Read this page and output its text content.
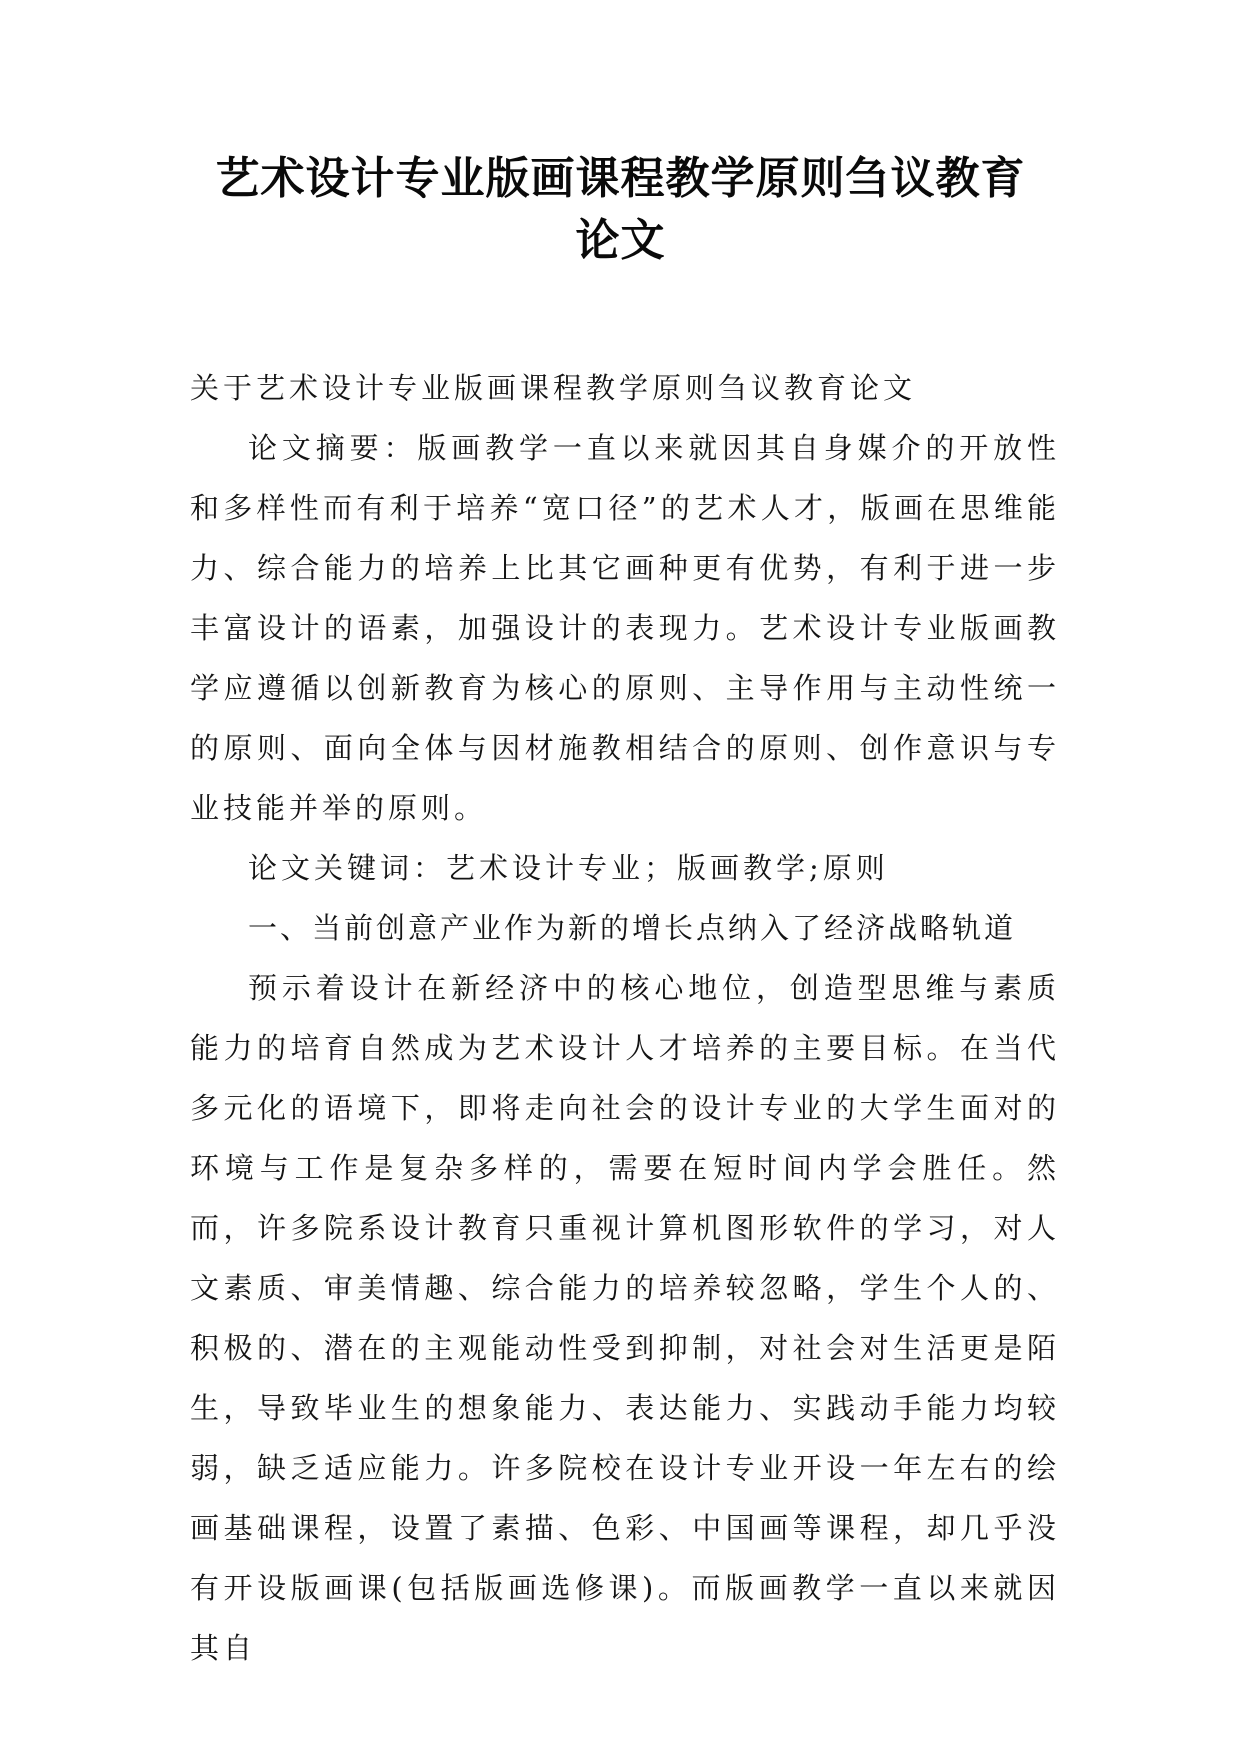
艺术设计专业版画课程教学原则刍议教育
论文

关于艺术设计专业版画课程教学原则刍议教育论文

论文摘要：版画教学一直以来就因其自身媒介的开放性和多样性而有利于培养“宽口径”的艺术人才，版画在思维能力、综合能力的培养上比其它画种更有优势，有利于进一步丰富设计的语素，加强设计的表现力。艺术设计专业版画教学应遵循以创新教育为核心的原则、主导作用与主动性统一的原则、面向全体与因材施教相结合的原则、创作意识与专业技能并举的原则。

论文关键词：艺术设计专业；版画教学;原则

一、当前创意产业作为新的增长点纳入了经济战略轨道

预示着设计在新经济中的核心地位，创造型思维与素质能力的培育自然成为艺术设计人才培养的主要目标。在当代多元化的语境下，即将走向社会的设计专业的大学生面对的环境与工作是复杂多样的，需要在短时间内学会胜任。然而，许多院系设计教育只重视计算机图形软件的学习，对人文素质、审美情趣、综合能力的培养较忽略，学生个人的、积极的、潜在的主观能动性受到抑制，对社会对生活更是陌生，导致毕业生的想象能力、表达能力、实践动手能力均较弱，缺乏适应能力。许多院校在设计专业开设一年左右的绘画基础课程，设置了素描、色彩、中国画等课程，却几乎没有开设版画课(包括版画选修课)。而版画教学一直以来就因其自
